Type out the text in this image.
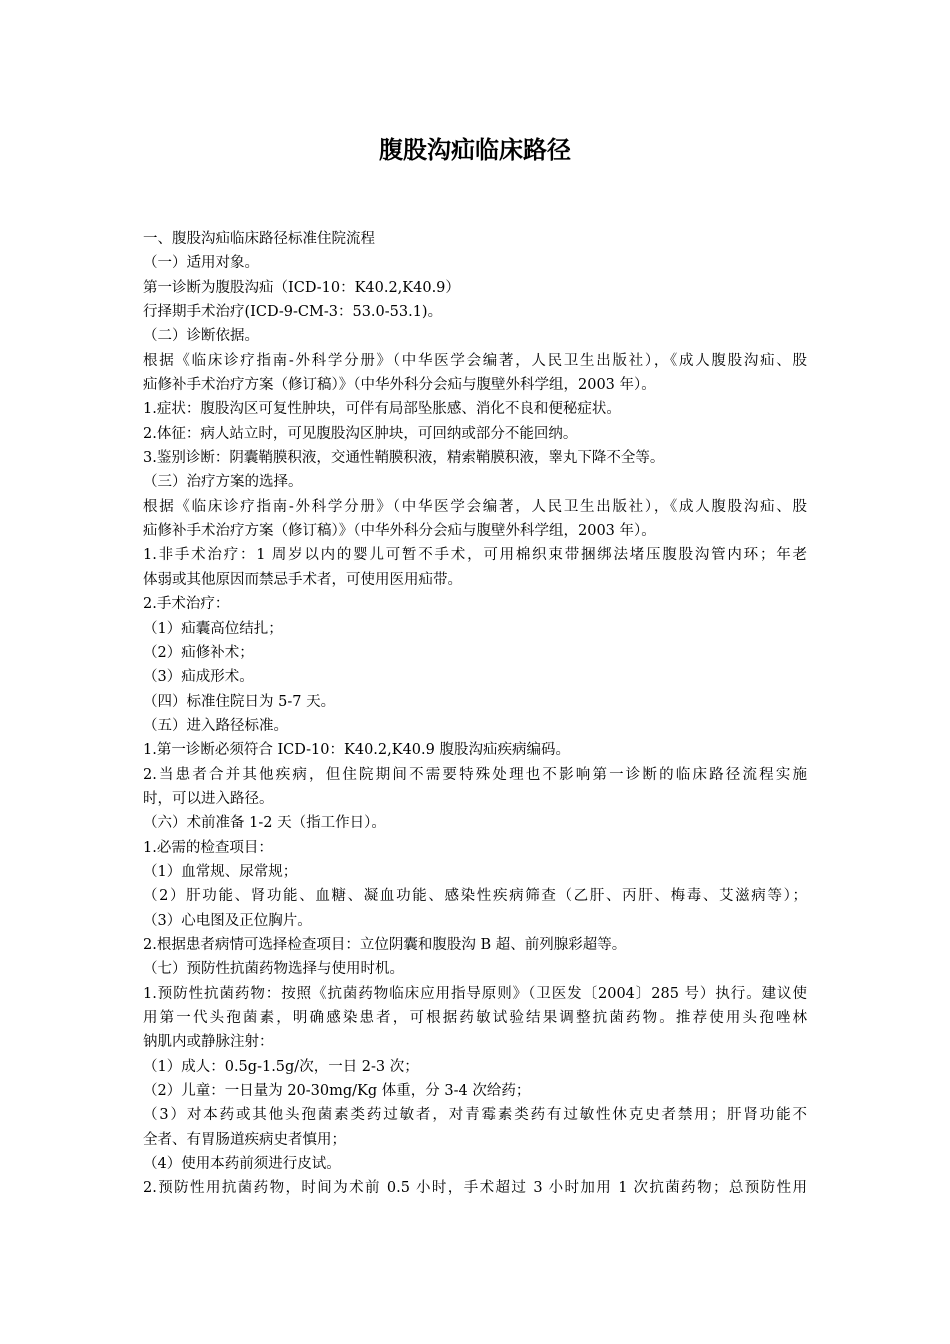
腹股沟疝临床路径
一、腹股沟疝临床路径标准住院流程
（一）适用对象。
第一诊断为腹股沟疝（ICD-10：K40.2,K40.9）
行择期手术治疗(ICD-9-CM-3：53.0-53.1)。
（二）诊断依据。
根据《临床诊疗指南-外科学分册》（中华医学会编著，人民卫生出版社），《成人腹股沟疝、股
疝修补手术治疗方案（修订稿）》（中华外科分会疝与腹壁外科学组，2003 年）。
1.症状：腹股沟区可复性肿块，可伴有局部坠胀感、消化不良和便秘症状。
2.体征：病人站立时，可见腹股沟区肿块，可回纳或部分不能回纳。
3.鉴别诊断：阴囊鞘膜积液，交通性鞘膜积液，精索鞘膜积液，睾丸下降不全等。
（三）治疗方案的选择。
根据《临床诊疗指南-外科学分册》（中华医学会编著，人民卫生出版社），《成人腹股沟疝、股
疝修补手术治疗方案（修订稿）》（中华外科分会疝与腹壁外科学组，2003 年）。
1.非手术治疗：1 周岁以内的婴儿可暂不手术，可用棉织束带捆绑法堵压腹股沟管内环；年老
体弱或其他原因而禁忌手术者，可使用医用疝带。
2.手术治疗：
（1）疝囊高位结扎；
（2）疝修补术；
（3）疝成形术。
（四）标准住院日为 5-7 天。
（五）进入路径标准。
1.第一诊断必须符合 ICD-10：K40.2,K40.9 腹股沟疝疾病编码。
2.当患者合并其他疾病，但住院期间不需要特殊处理也不影响第一诊断的临床路径流程实施
时，可以进入路径。
（六）术前准备 1-2 天（指工作日）。
1.必需的检查项目：
（1）血常规、尿常规；
（2）肝功能、肾功能、血糖、凝血功能、感染性疾病筛查（乙肝、丙肝、梅毒、艾滋病等）；
（3）心电图及正位胸片。
2.根据患者病情可选择检查项目：立位阴囊和腹股沟 B 超、前列腺彩超等。
（七）预防性抗菌药物选择与使用时机。
1.预防性抗菌药物：按照《抗菌药物临床应用指导原则》（卫医发〔2004〕285 号）执行。建议使
用第一代头孢菌素，明确感染患者，可根据药敏试验结果调整抗菌药物。推荐使用头孢唑林
钠肌内或静脉注射：
（1）成人：0.5g-1.5g/次，一日 2-3 次；
（2）儿童：一日量为 20-30mg/Kg 体重，分 3-4 次给药；
（3）对本药或其他头孢菌素类药过敏者，对青霉素类药有过敏性休克史者禁用；肝肾功能不
全者、有胃肠道疾病史者慎用；
（4）使用本药前须进行皮试。
2.预防性用抗菌药物，时间为术前 0.5 小时，手术超过 3 小时加用 1 次抗菌药物；总预防性用
